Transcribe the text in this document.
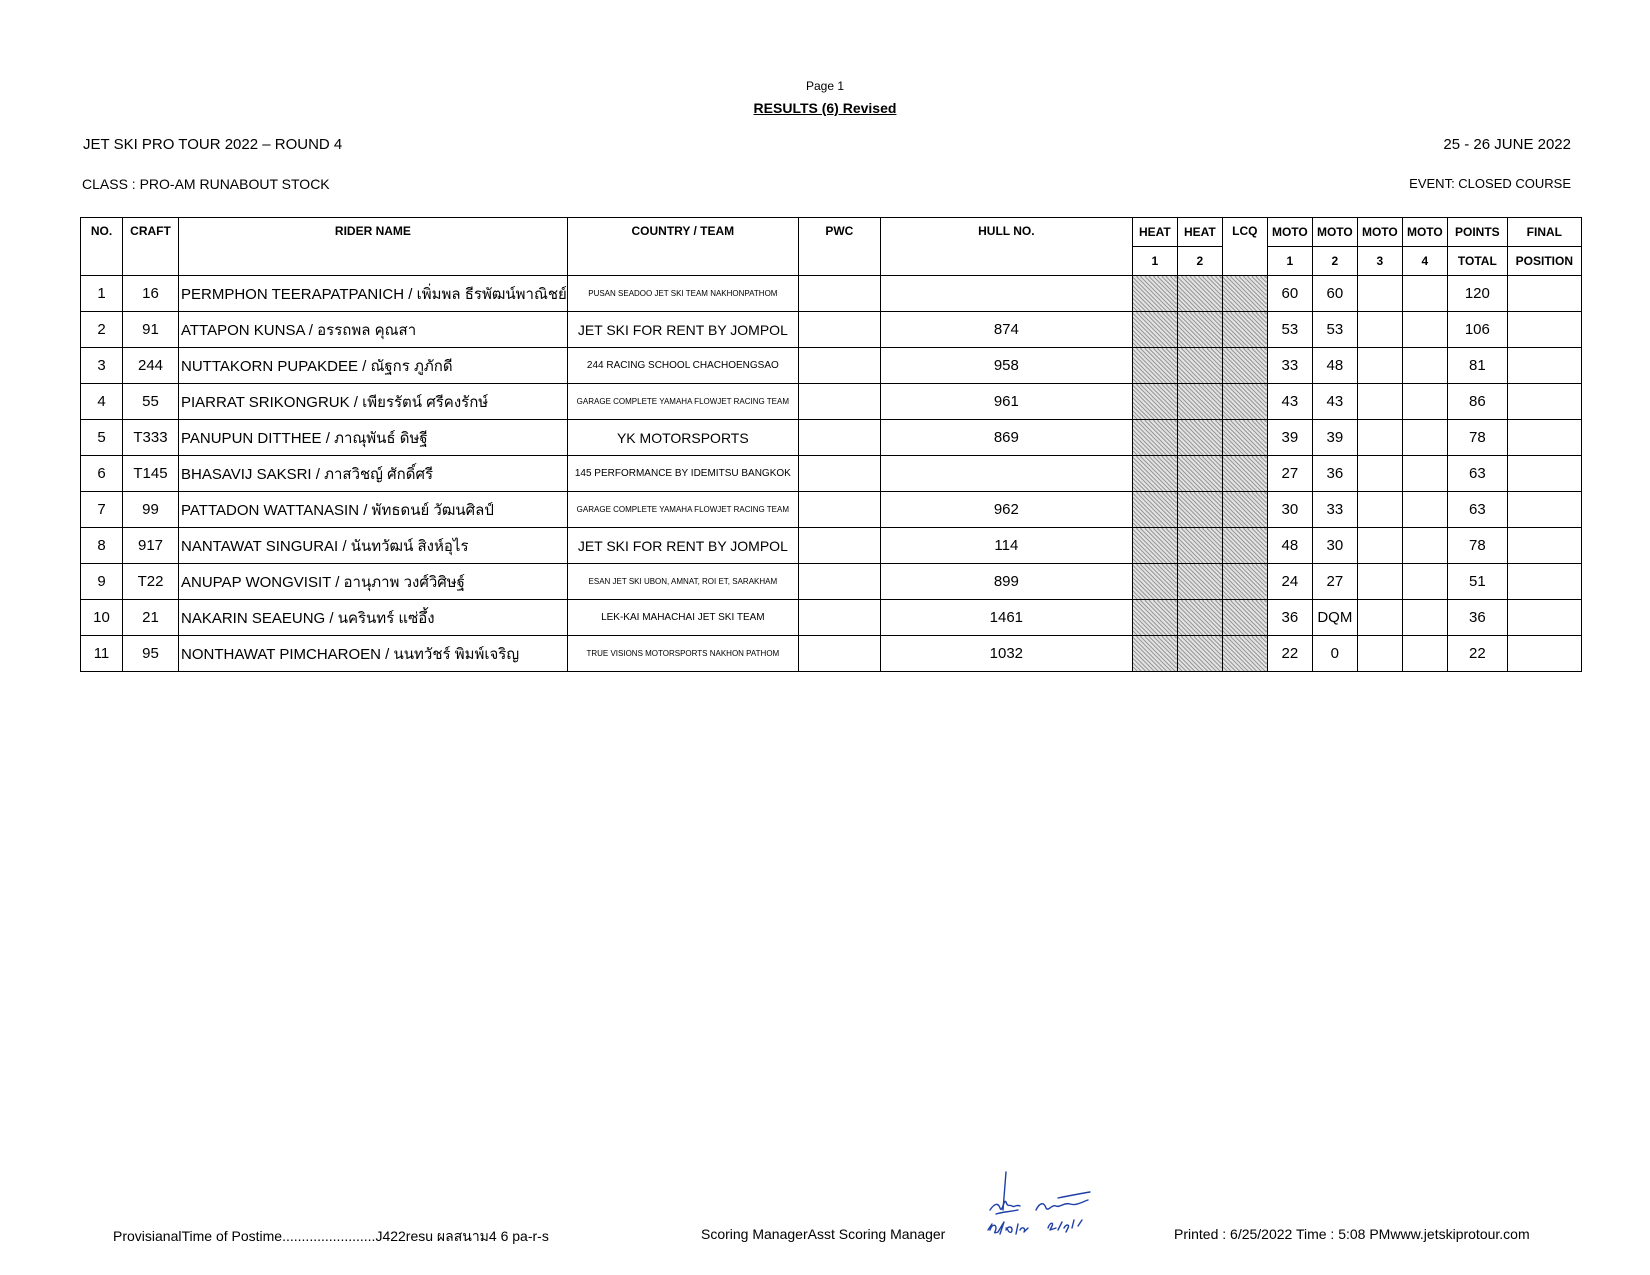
Page 1
RESULTS (6) Revised
JET SKI PRO TOUR 2022 – ROUND 4	25 - 26 JUNE 2022
CLASS : PRO-AM RUNABOUT STOCK	EVENT: CLOSED COURSE
NO.	CRAFT	RIDER NAME	COUNTRY / TEAM	PWC	HULL NO.	HEAT	HEAT	LCQ	MOTO	MOTO	MOTO	MOTO	POINTS	FINAL
						1	2		1	2	3	4	TOTAL	POSITION
1	16	PERMPHON TEERAPATPANICH / เพิ่มพล ธีรพัฒน์พาณิชย์	PUSAN SEADOO JET SKI TEAM NAKHONPATHOM						60	60			120	
2	91	ATTAPON KUNSA / อรรถพล คุณสา	JET SKI FOR RENT BY JOMPOL		874				53	53			106	
3	244	NUTTAKORN PUPAKDEE / ณัฐกร ภูภักดี	244 RACING SCHOOL CHACHOENGSAO		958				33	48			81	
4	55	PIARRAT SRIKONGRUK / เพียรรัตน์ ศรีคงรักษ์	GARAGE COMPLETE YAMAHA FLOWJET RACING TEAM		961				43	43			86	
5	T333	PANUPUN DITTHEE / ภาณุพันธ์ ดิษฐี	YK MOTORSPORTS		869				39	39			78	
6	T145	BHASAVIJ SAKSRI / ภาสวิชญ์ ศักดิ์ศรี	145 PERFORMANCE BY IDEMITSU BANGKOK						27	36			63	
7	99	PATTADON WATTANASIN / พัทธดนย์ วัฒนศิลป์	GARAGE COMPLETE YAMAHA FLOWJET RACING TEAM		962				30	33			63	
8	917	NANTAWAT SINGURAI / นันทวัฒน์ สิงห์อุไร	JET SKI FOR RENT BY JOMPOL		114				48	30			78	
9	T22	ANUPAP WONGVISIT / อานุภาพ วงศ์วิศิษฐ์	ESAN JET SKI UBON, AMNAT, ROI ET, SARAKHAM		899				24	27			51	
10	21	NAKARIN SEAEUNG / นครินทร์ แซ่อึ้ง	LEK-KAI MAHACHAI JET SKI TEAM		1461				36	DQM			36	
11	95	NONTHAWAT PIMCHAROEN / นนทวัชร์ พิมพ์เจริญ	TRUE VISIONS MOTORSPORTS NAKHON PATHOM		1032				22	0			22	
ProvisianalTime of Postime........................J422resu ผลสนาม4 6 pa-r-s	Scoring ManagerAsst Scoring Manager	Printed : 6/25/2022 Time : 5:08 PMwww.jetskiprotour.com
